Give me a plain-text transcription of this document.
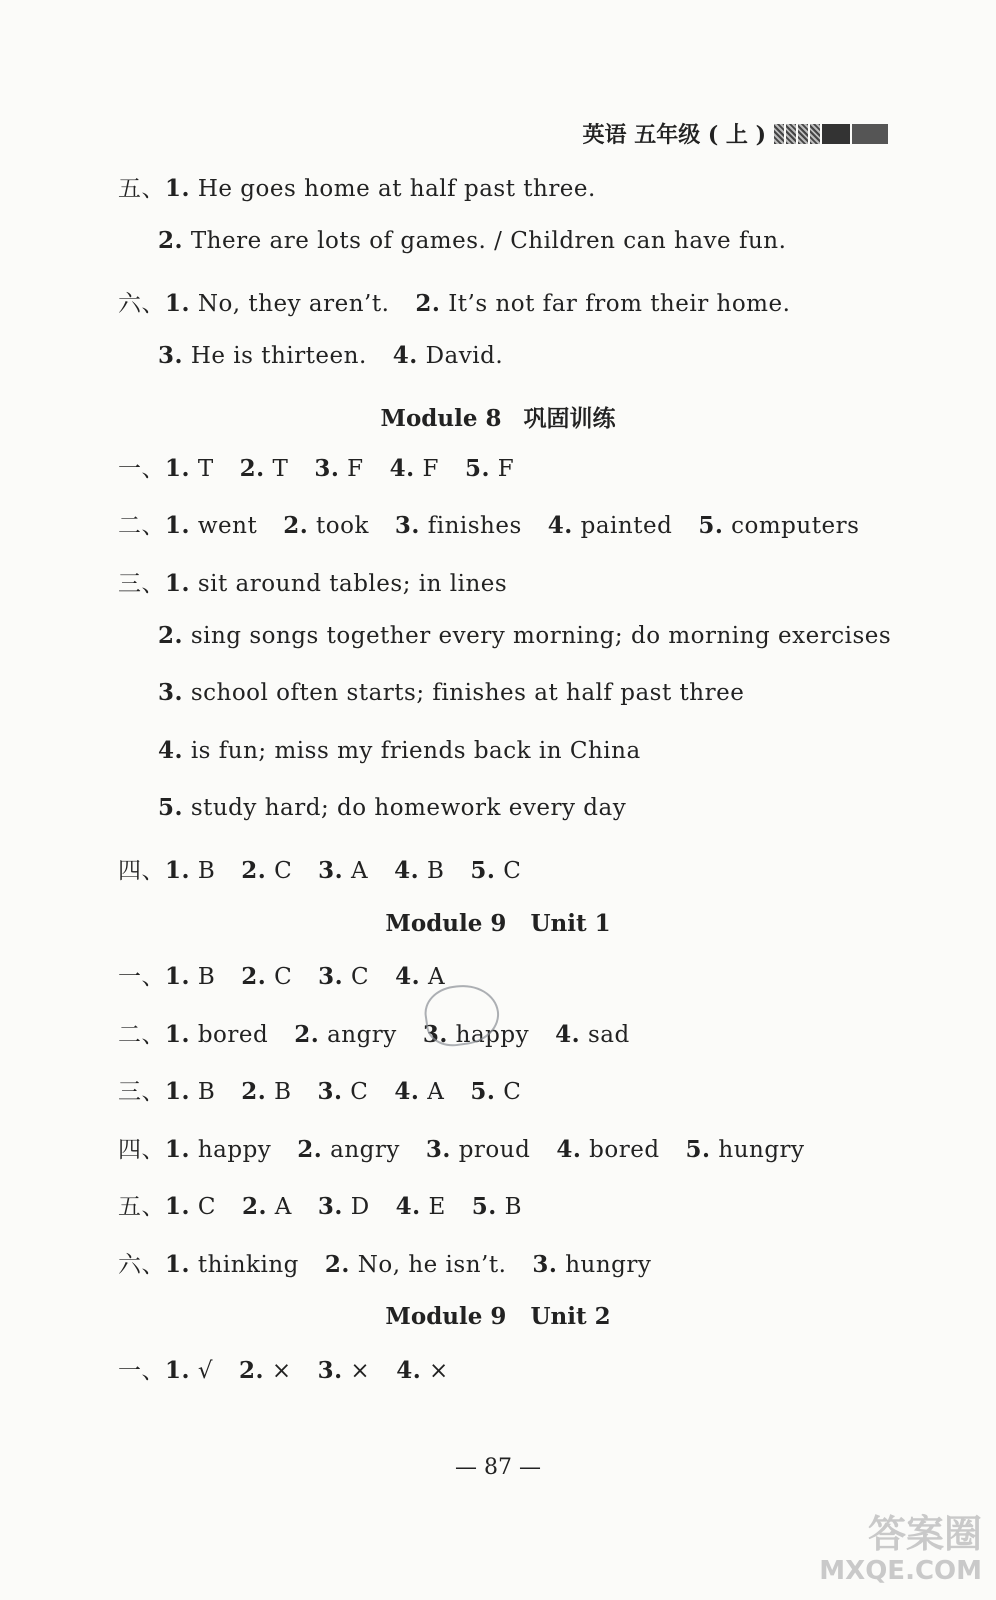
英语 五年级 ( 上 )
五、1. He goes home at half past three.
2. There are lots of games. / Children can have fun.
六、1. No, they aren’t. 2. It’s not far from their home.
3. He is thirteen. 4. David.
Module 8 巩固训练
一、1. T 2. T 3. F 4. F 5. F
二、1. went 2. took 3. finishes 4. painted 5. computers
三、1. sit around tables; in lines
2. sing songs together every morning; do morning exercises
3. school often starts; finishes at half past three
4. is fun; miss my friends back in China
5. study hard; do homework every day
四、1. B 2. C 3. A 4. B 5. C
Module 9 Unit 1
一、1. B 2. C 3. C 4. A
二、1. bored 2. angry 3. happy 4. sad
三、1. B 2. B 3. C 4. A 5. C
四、1. happy 2. angry 3. proud 4. bored 5. hungry
五、1. C 2. A 3. D 4. E 5. B
六、1. thinking 2. No, he isn’t. 3. hungry
Module 9 Unit 2
一、1. √ 2. × 3. × 4. ×
— 87 —
答案圈
MXQE.COM
